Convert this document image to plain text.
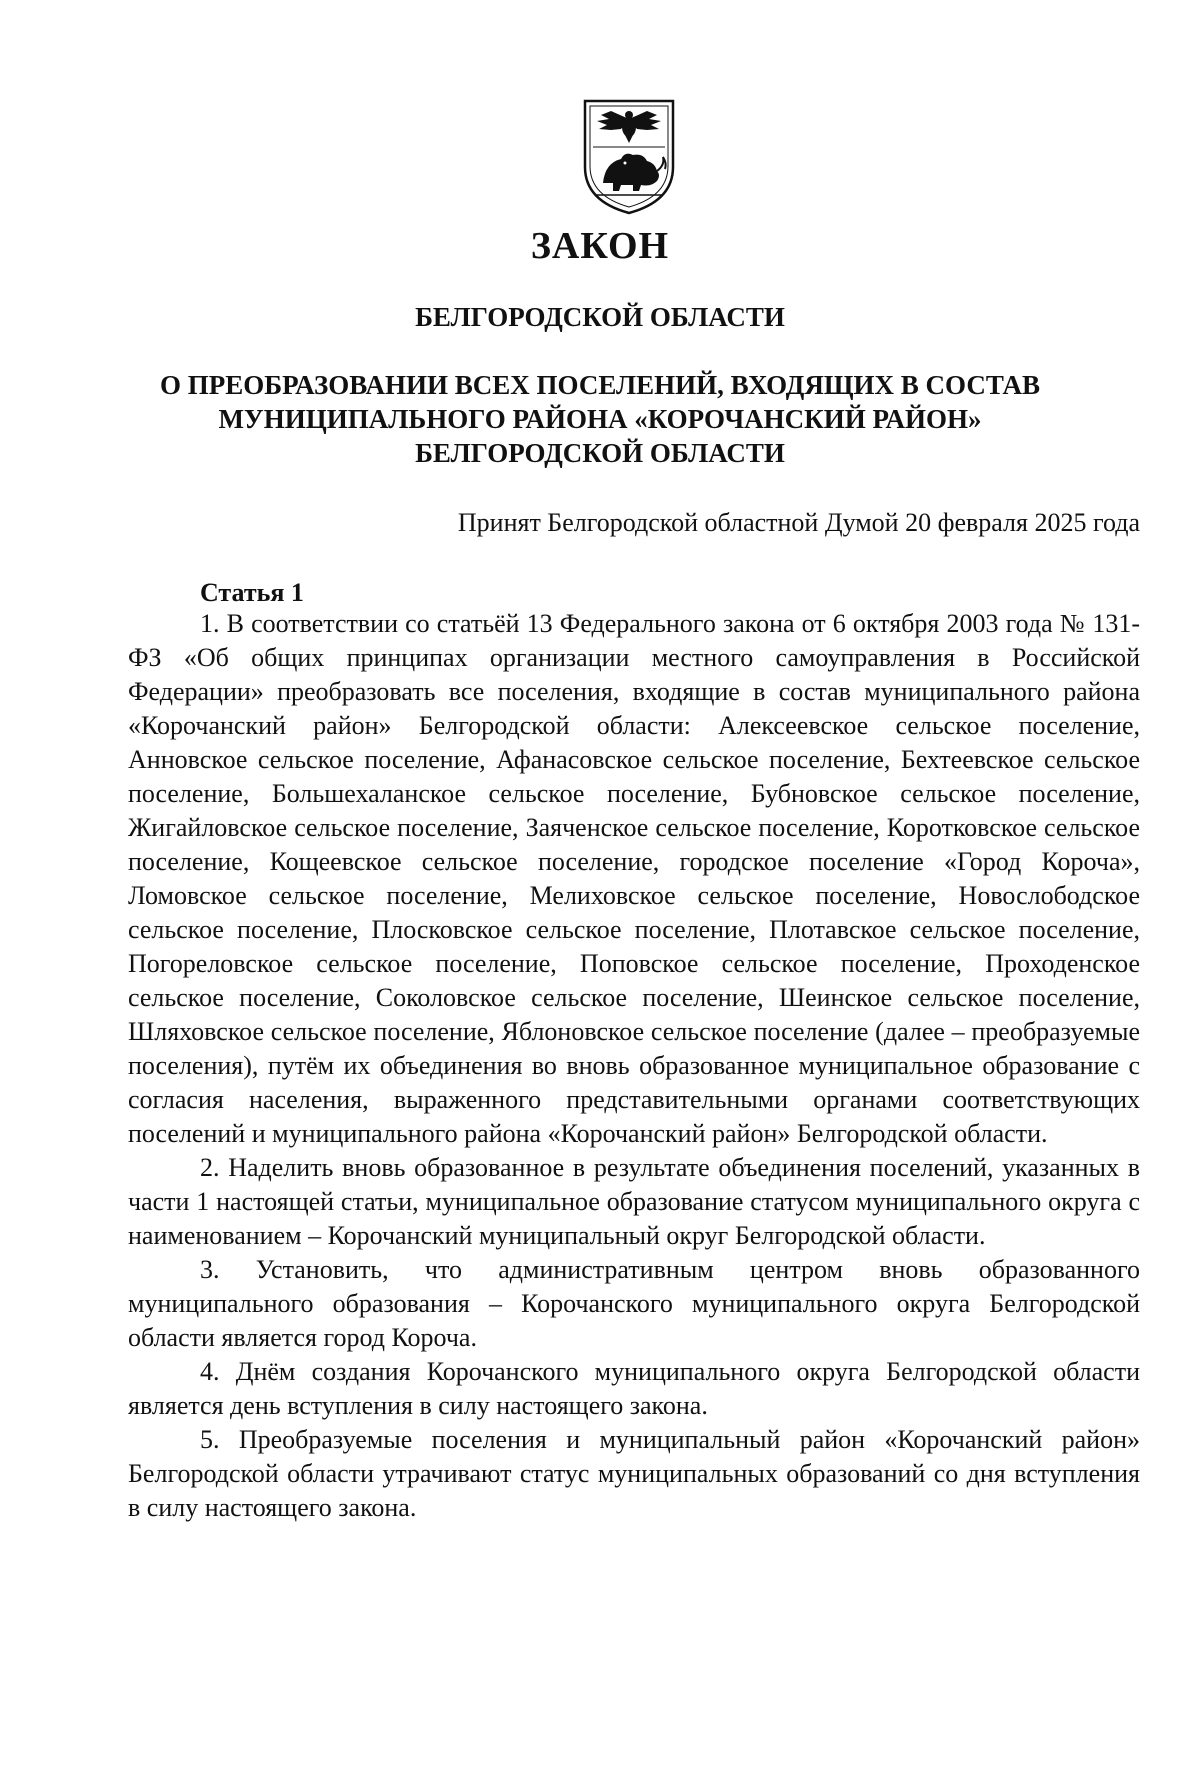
ЗАКОН
БЕЛГОРОДСКОЙ ОБЛАСТИ
О ПРЕОБРАЗОВАНИИ ВСЕХ ПОСЕЛЕНИЙ, ВХОДЯЩИХ В СОСТАВ
МУНИЦИПАЛЬНОГО РАЙОНА «КОРОЧАНСКИЙ РАЙОН»
БЕЛГОРОДСКОЙ ОБЛАСТИ
Принят Белгородской областной Думой 20 февраля 2025 года
Статья 1

1. В соответствии со статьёй 13 Федерального закона от 6 октября 2003 года № 131-ФЗ «Об общих принципах организации местного самоуправления в Российской Федерации» преобразовать все поселения, входящие в состав муниципального района «Корочанский район» Белгородской области: Алексеевское сельское поселение, Анновское сельское поселение, Афанасовское сельское поселение, Бехтеевское сельское поселение, Большехаланское сельское поселение, Бубновское сельское поселение, Жигайловское сельское поселение, Заяченское сельское поселение, Коротковское сельское поселение, Кощеевское сельское поселение, городское поселение «Город Короча», Ломовское сельское поселение, Мелиховское сельское поселение, Новослободское сельское поселение, Плосковское сельское поселение, Плотавское сельское поселение, Погореловское сельское поселение, Поповское сельское поселение, Проходенское сельское поселение, Соколовское сельское поселение, Шеинское сельское поселение, Шляховское сельское поселение, Яблоновское сельское поселение (далее – преобразуемые поселения), путём их объединения во вновь образованное муниципальное образование с согласия населения, выраженного представительными органами соответствующих поселений и муниципального района «Корочанский район» Белгородской области.

2. Наделить вновь образованное в результате объединения поселений, указанных в части 1 настоящей статьи, муниципальное образование статусом муниципального округа с наименованием – Корочанский муниципальный округ Белгородской области.

3. Установить, что административным центром вновь образованного муниципального образования – Корочанского муниципального округа Белгородской области является город Короча.

4. Днём создания Корочанского муниципального округа Белгородской области является день вступления в силу настоящего закона.

5. Преобразуемые поселения и муниципальный район «Корочанский район» Белгородской области утрачивают статус муниципальных образований со дня вступления в силу настоящего закона.
